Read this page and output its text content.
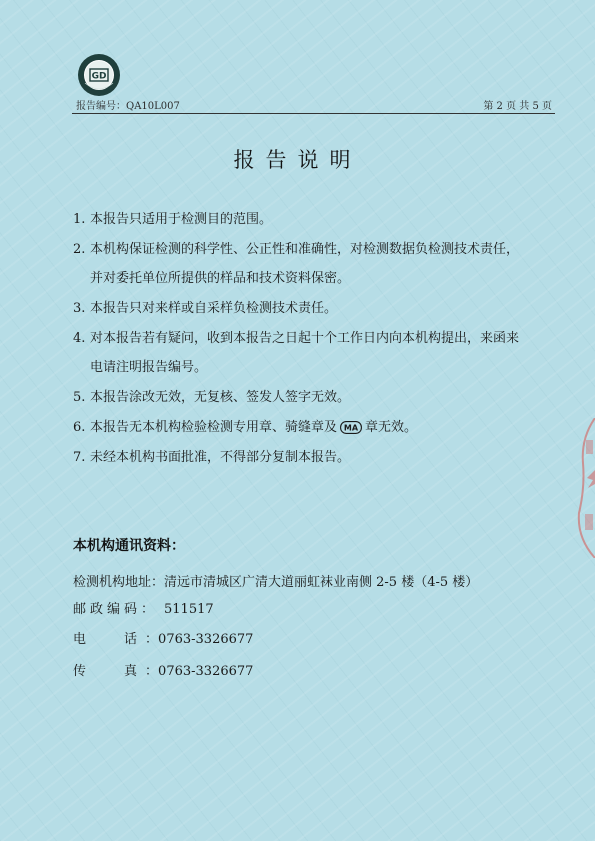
GD
报告编号：QA10L007	第 2 页 共 5 页
报告说明
1. 本报告只适用于检测目的范围。
2. 本机构保证检测的科学性、公正性和准确性，对检测数据负检测技术责任，
并对委托单位所提供的样品和技术资料保密。
3. 本报告只对来样或自采样负检测技术责任。
4. 对本报告若有疑问，收到本报告之日起十个工作日内向本机构提出，来函来
电请注明报告编号。
5. 本报告涂改无效，无复核、签发人签字无效。
6. 本报告无本机构检验检测专用章、骑缝章及 MA 章无效。
7. 未经本机构书面批准，不得部分复制本报告。
本机构通讯资料：
检测机构地址：清远市清城区广清大道丽虹袜业南侧 2-5 楼（4-5 楼）
邮政编码： 511517
电	话 ：0763-3326677
传	真 ：0763-3326677
